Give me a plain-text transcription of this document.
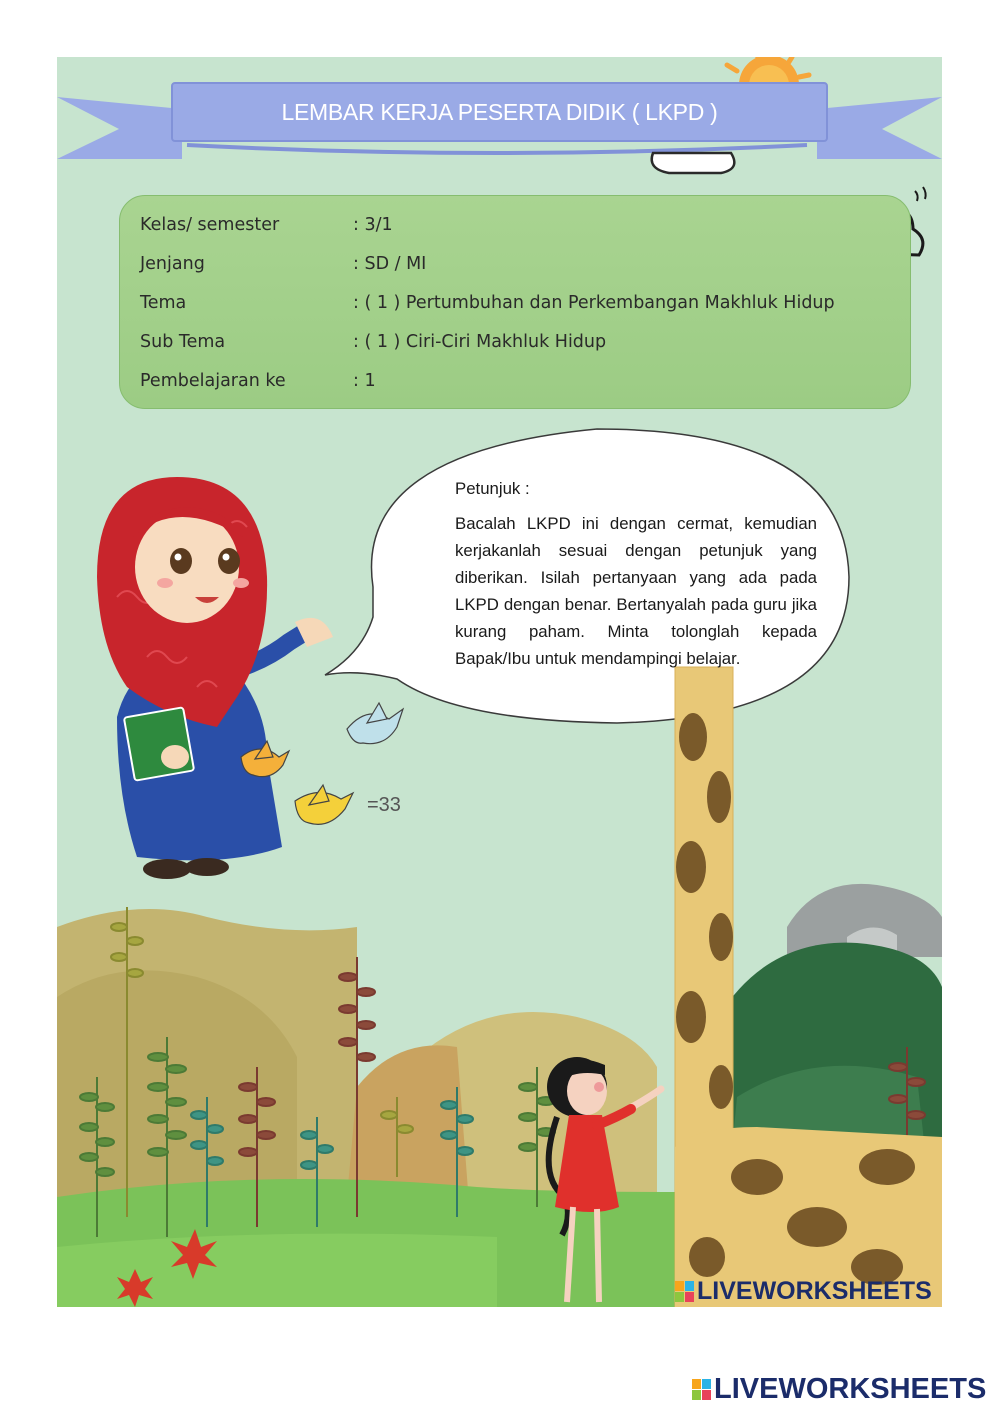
=33
LEMBAR KERJA PESERTA DIDIK ( LKPD )
Kelas/ semester	: 3/1
Jenjang	: SD / MI
Tema	: ( 1 ) Pertumbuhan dan Perkembangan Makhluk Hidup
Sub Tema	: ( 1 ) Ciri-Ciri Makhluk Hidup
Pembelajaran ke	: 1

Petunjuk :

Bacalah LKPD ini dengan cermat, kemudian kerjakanlah sesuai dengan petunjuk yang diberikan. Isilah pertanyaan yang ada pada LKPD dengan benar. Bertanyalah pada guru jika kurang paham. Minta tolonglah kepada Bapak/Ibu untuk mendampingi belajar.

LIVEWORKSHEETS
LIVEWORKSHEETS
